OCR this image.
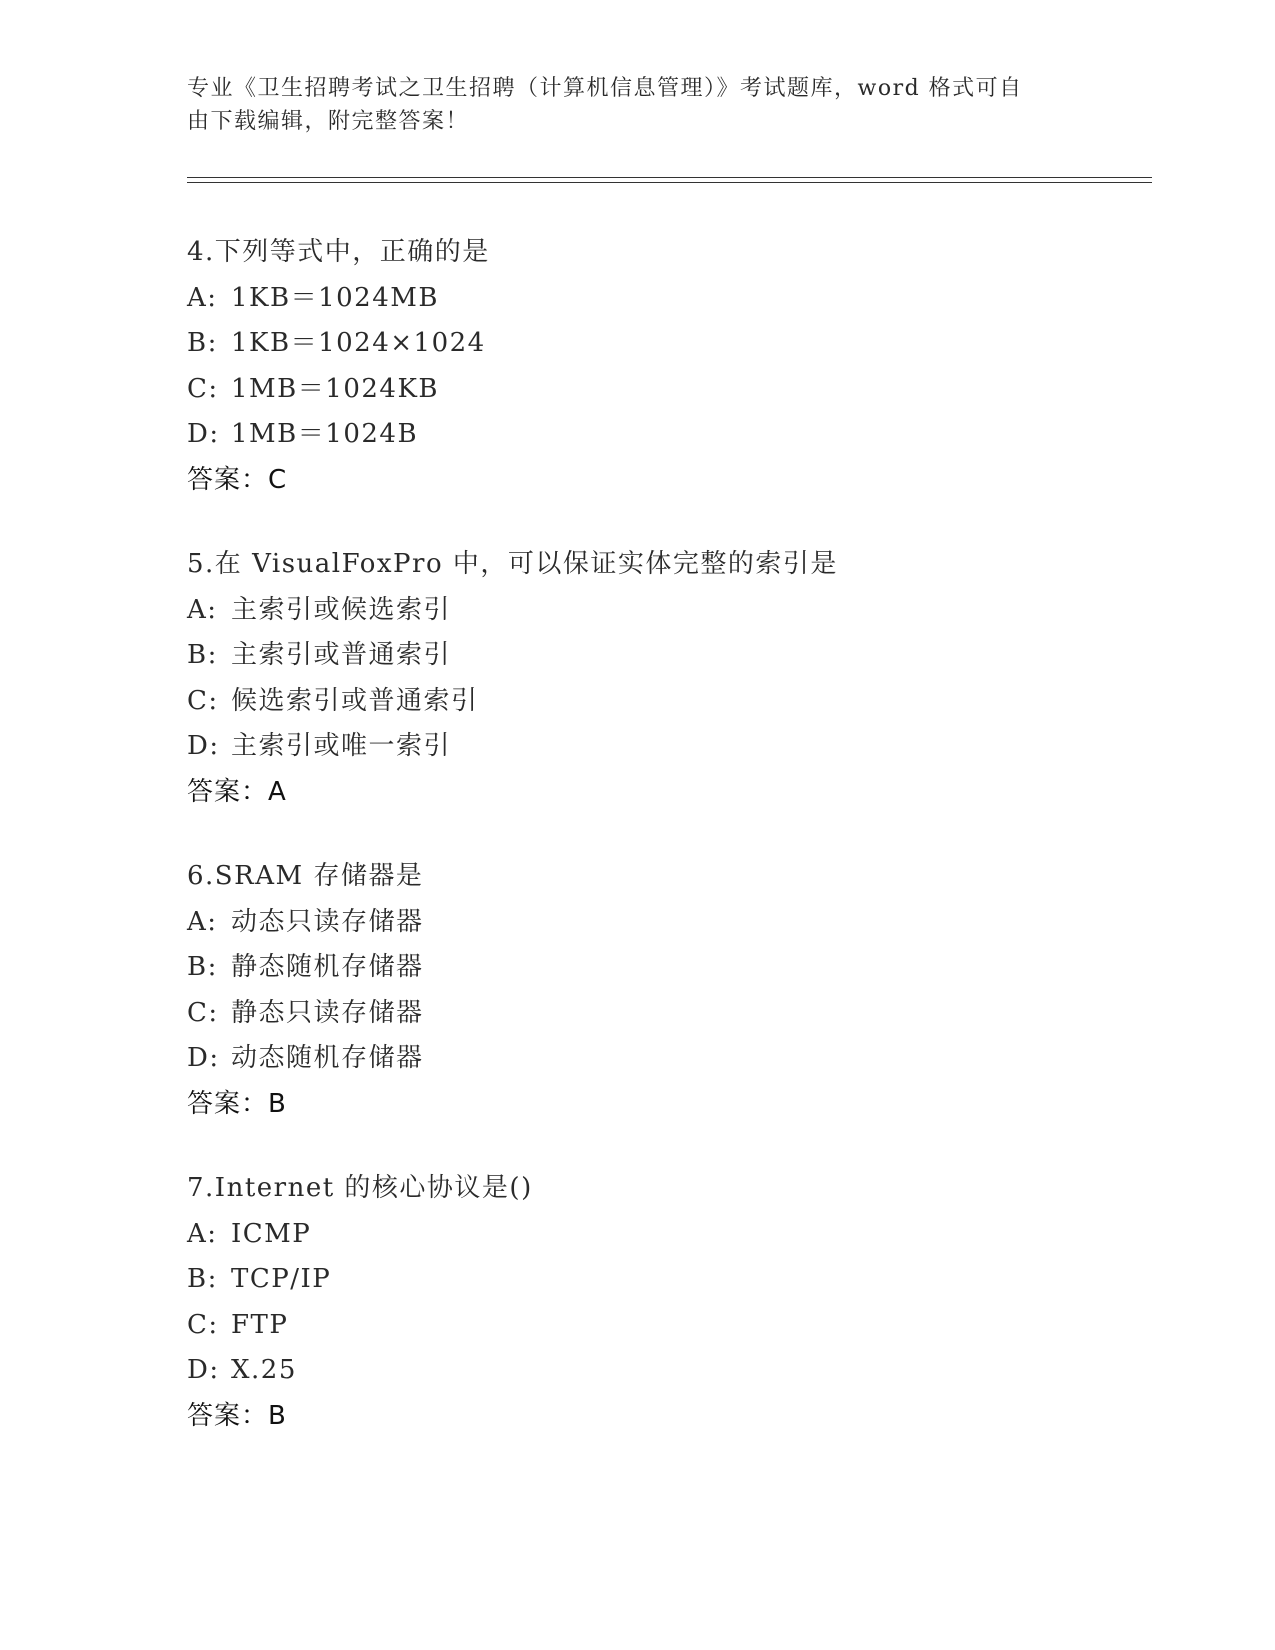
专业《卫生招聘考试之卫生招聘（计算机信息管理）》考试题库，word 格式可自
由下载编辑，附完整答案！
4.下列等式中，正确的是
A: 1KB＝1024MB
B: 1KB＝1024×1024
C: 1MB＝1024KB
D: 1MB＝1024B
答案：C
5.在 VisualFoxPro 中，可以保证实体完整的索引是
A: 主索引或候选索引
B: 主索引或普通索引
C: 候选索引或普通索引
D: 主索引或唯一索引
答案：A
6.SRAM 存储器是
A: 动态只读存储器
B: 静态随机存储器
C: 静态只读存储器
D: 动态随机存储器
答案：B
7.Internet 的核心协议是()
A: ICMP
B: TCP/IP
C: FTP
D: X.25
答案：B
